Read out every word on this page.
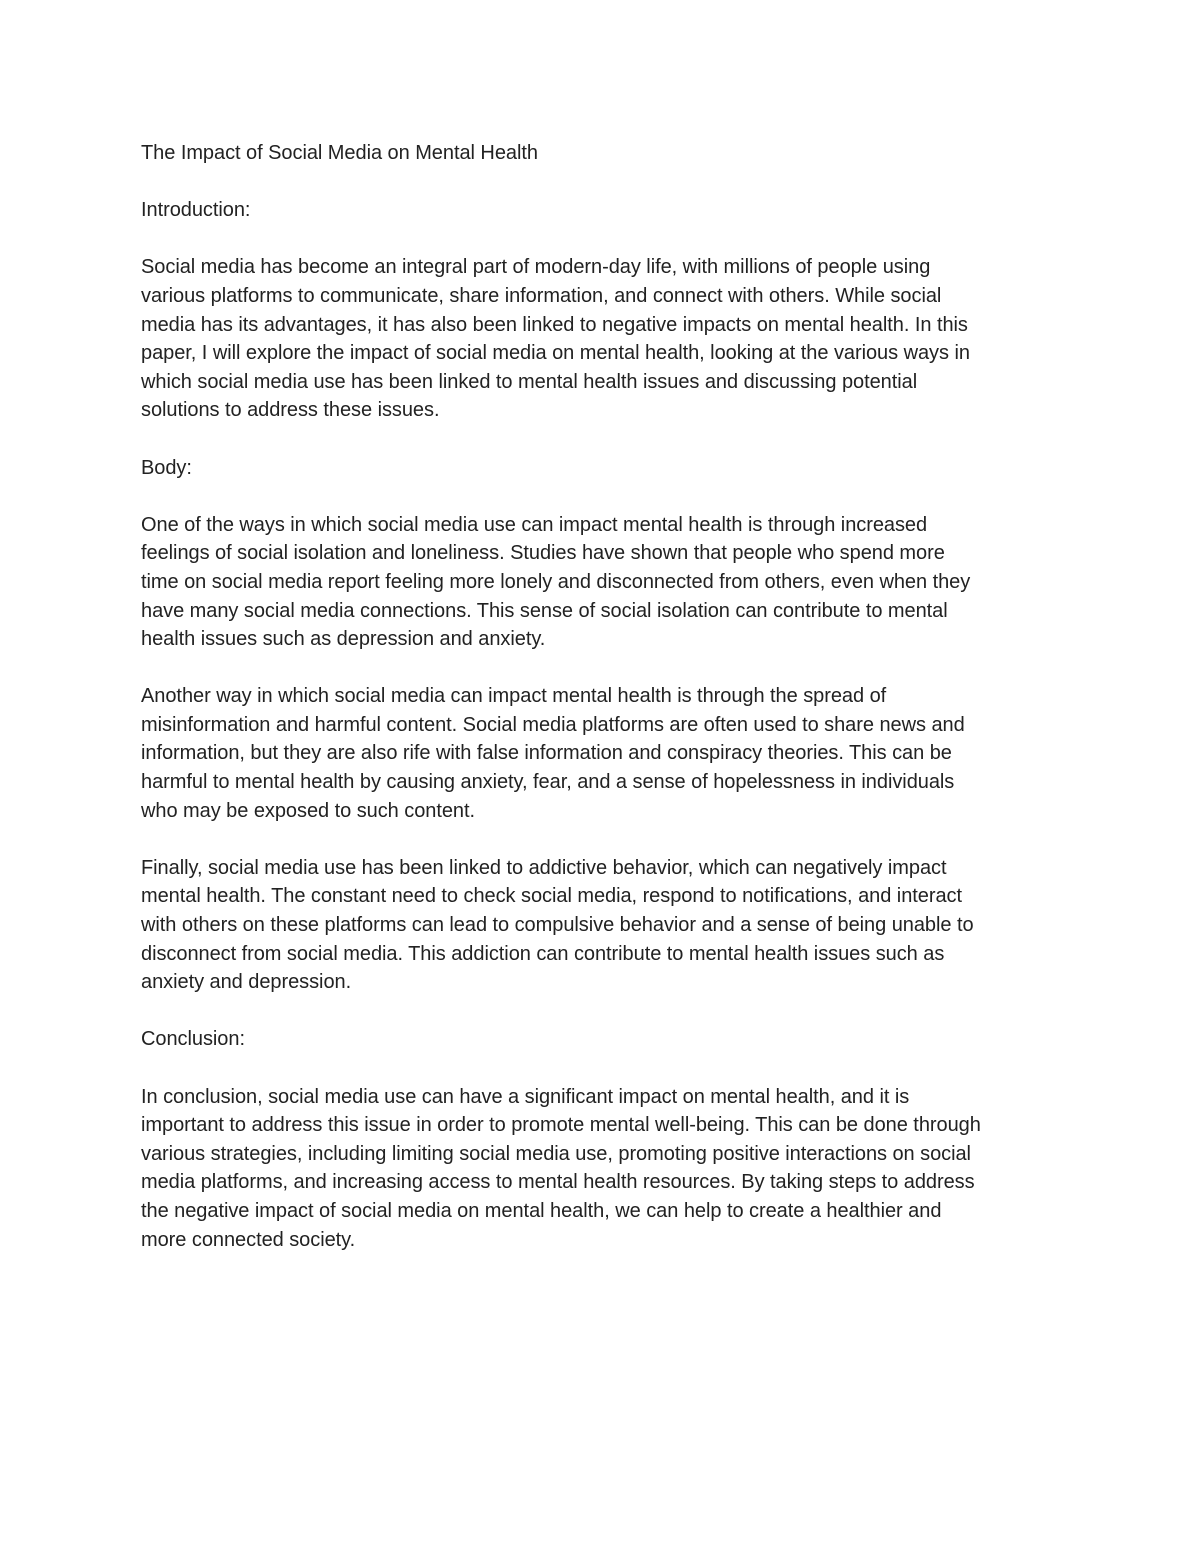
The Impact of Social Media on Mental Health

Introduction:

Social media has become an integral part of modern-day life, with millions of people using
various platforms to communicate, share information, and connect with others. While social
media has its advantages, it has also been linked to negative impacts on mental health. In this
paper, I will explore the impact of social media on mental health, looking at the various ways in
which social media use has been linked to mental health issues and discussing potential
solutions to address these issues.

Body:

One of the ways in which social media use can impact mental health is through increased
feelings of social isolation and loneliness. Studies have shown that people who spend more
time on social media report feeling more lonely and disconnected from others, even when they
have many social media connections. This sense of social isolation can contribute to mental
health issues such as depression and anxiety.

Another way in which social media can impact mental health is through the spread of
misinformation and harmful content. Social media platforms are often used to share news and
information, but they are also rife with false information and conspiracy theories. This can be
harmful to mental health by causing anxiety, fear, and a sense of hopelessness in individuals
who may be exposed to such content.

Finally, social media use has been linked to addictive behavior, which can negatively impact
mental health. The constant need to check social media, respond to notifications, and interact
with others on these platforms can lead to compulsive behavior and a sense of being unable to
disconnect from social media. This addiction can contribute to mental health issues such as
anxiety and depression.

Conclusion:

In conclusion, social media use can have a significant impact on mental health, and it is
important to address this issue in order to promote mental well-being. This can be done through
various strategies, including limiting social media use, promoting positive interactions on social
media platforms, and increasing access to mental health resources. By taking steps to address
the negative impact of social media on mental health, we can help to create a healthier and
more connected society.
